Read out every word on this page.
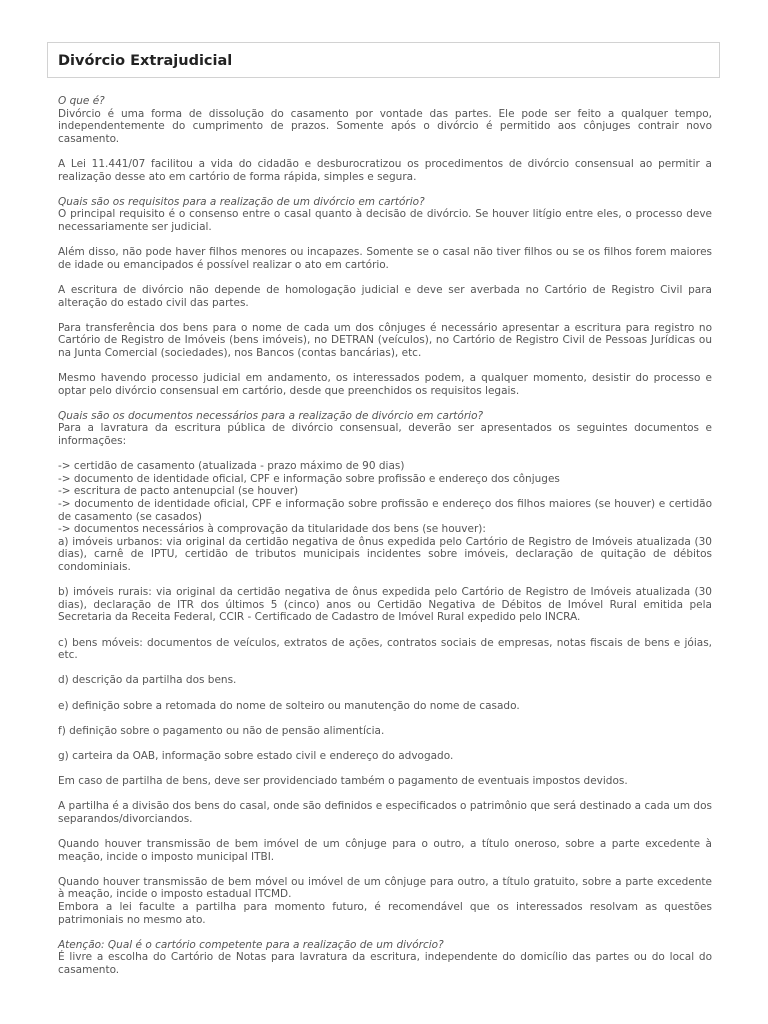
Divórcio Extrajudicial

O que é?
Divórcio é uma forma de dissolução do casamento por vontade das partes. Ele pode ser feito a qualquer tempo, independentemente do cumprimento de prazos. Somente após o divórcio é permitido aos cônjuges contrair novo casamento.

A Lei 11.441/07 facilitou a vida do cidadão e desburocratizou os procedimentos de divórcio consensual ao permitir a realização desse ato em cartório de forma rápida, simples e segura.

Quais são os requisitos para a realização de um divórcio em cartório?
O principal requisito é o consenso entre o casal quanto à decisão de divórcio. Se houver litígio entre eles, o processo deve necessariamente ser judicial.

Além disso, não pode haver filhos menores ou incapazes. Somente se o casal não tiver filhos ou se os filhos forem maiores de idade ou emancipados é possível realizar o ato em cartório.

A escritura de divórcio não depende de homologação judicial e deve ser averbada no Cartório de Registro Civil para alteração do estado civil das partes.

Para transferência dos bens para o nome de cada um dos cônjuges é necessário apresentar a escritura para registro no Cartório de Registro de Imóveis (bens imóveis), no DETRAN (veículos), no Cartório de Registro Civil de Pessoas Jurídicas ou na Junta Comercial (sociedades), nos Bancos (contas bancárias), etc.

Mesmo havendo processo judicial em andamento, os interessados podem, a qualquer momento, desistir do processo e optar pelo divórcio consensual em cartório, desde que preenchidos os requisitos legais.

Quais são os documentos necessários para a realização de divórcio em cartório?
Para a lavratura da escritura pública de divórcio consensual, deverão ser apresentados os seguintes documentos e informações:

-> certidão de casamento (atualizada - prazo máximo de 90 dias)
-> documento de identidade oficial, CPF e informação sobre profissão e endereço dos cônjuges
-> escritura de pacto antenupcial (se houver)
-> documento de identidade oficial, CPF e informação sobre profissão e endereço dos filhos maiores (se houver) e certidão de casamento (se casados)
-> documentos necessários à comprovação da titularidade dos bens (se houver):
a) imóveis urbanos: via original da certidão negativa de ônus expedida pelo Cartório de Registro de Imóveis atualizada (30 dias), carnê de IPTU, certidão de tributos municipais incidentes sobre imóveis, declaração de quitação de débitos condominiais.

b) imóveis rurais: via original da certidão negativa de ônus expedida pelo Cartório de Registro de Imóveis atualizada (30 dias), declaração de ITR dos últimos 5 (cinco) anos ou Certidão Negativa de Débitos de Imóvel Rural emitida pela Secretaria da Receita Federal, CCIR - Certificado de Cadastro de Imóvel Rural expedido pelo INCRA.

c) bens móveis: documentos de veículos, extratos de ações, contratos sociais de empresas, notas fiscais de bens e jóias, etc.

d) descrição da partilha dos bens.

e) definição sobre a retomada do nome de solteiro ou manutenção do nome de casado.

f) definição sobre o pagamento ou não de pensão alimentícia.

g) carteira da OAB, informação sobre estado civil e endereço do advogado.

Em caso de partilha de bens, deve ser providenciado também o pagamento de eventuais impostos devidos.

A partilha é a divisão dos bens do casal, onde são definidos e especificados o patrimônio que será destinado a cada um dos separandos/divorciandos.

Quando houver transmissão de bem imóvel de um cônjuge para o outro, a título oneroso, sobre a parte excedente à meação, incide o imposto municipal ITBI.

Quando houver transmissão de bem móvel ou imóvel de um cônjuge para outro, a título gratuito, sobre a parte excedente à meação, incide o imposto estadual ITCMD.
Embora a lei faculte a partilha para momento futuro, é recomendável que os interessados resolvam as questões patrimoniais no mesmo ato.

Atenção: Qual é o cartório competente para a realização de um divórcio?
É livre a escolha do Cartório de Notas para lavratura da escritura, independente do domicílio das partes ou do local do casamento.
